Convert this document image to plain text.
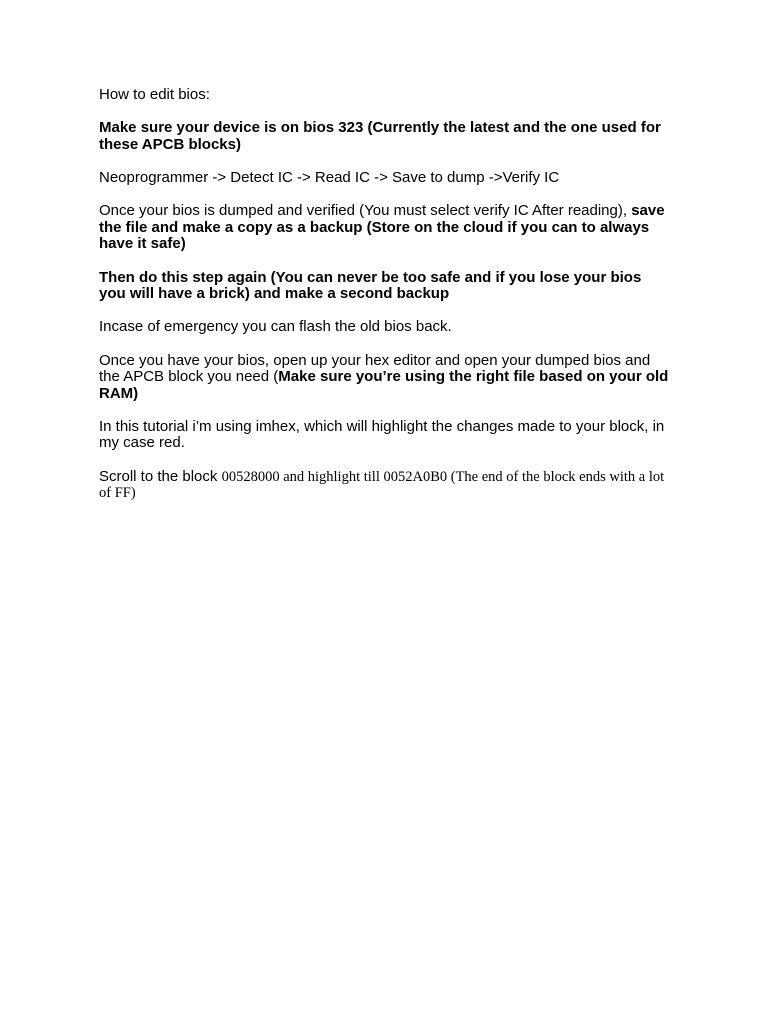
How to edit bios:

Make sure your device is on bios 323 (Currently the latest and the one used for these APCB blocks)

Neoprogrammer -> Detect IC -> Read IC -> Save to dump ->Verify IC

Once your bios is dumped and verified (You must select verify IC After reading), save the file and make a copy as a backup (Store on the cloud if you can to always have it safe)

Then do this step again (You can never be too safe and if you lose your bios you will have a brick) and make a second backup

Incase of emergency you can flash the old bios back.

Once you have your bios, open up your hex editor and open your dumped bios and the APCB block you need (Make sure you’re using the right file based on your old RAM)

In this tutorial i’m using imhex, which will highlight the changes made to your block, in my case red.

Scroll to the block 00528000 and highlight till 0052A0B0 (The end of the block ends with a lot of FF)
